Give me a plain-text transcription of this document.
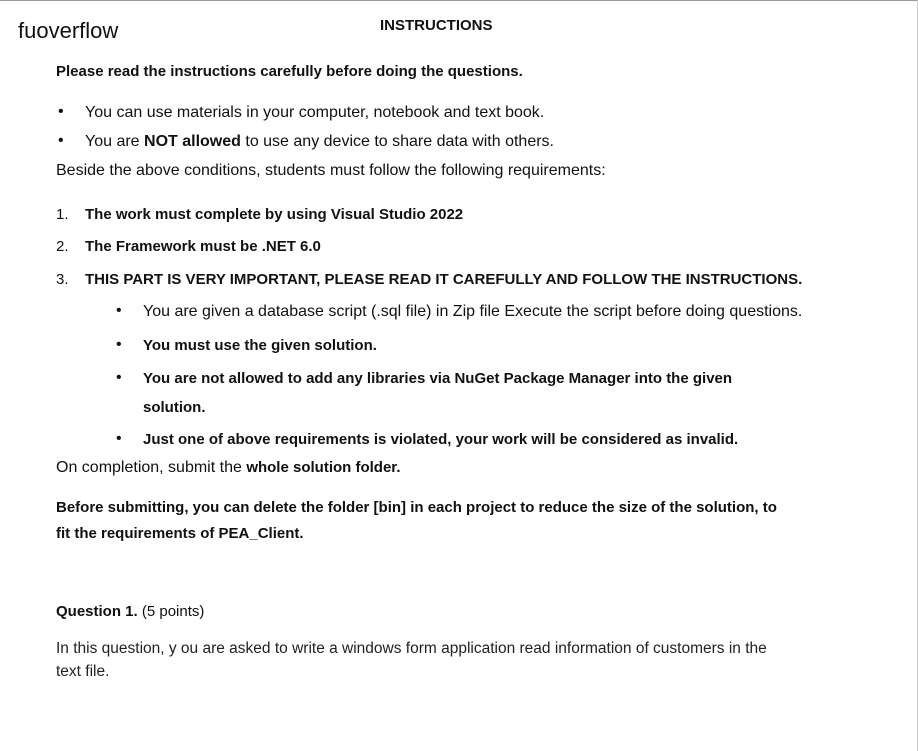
fuoverflow	INSTRUCTIONS
Please read the instructions carefully before doing the questions.
• You can use materials in your computer, notebook and text book.
• You are NOT allowed to use any device to share data with others.
Beside the above conditions, students must follow the following requirements:
1. The work must complete by using Visual Studio 2022
2. The Framework must be .NET 6.0
3. THIS PART IS VERY IMPORTANT, PLEASE READ IT CAREFULLY AND FOLLOW THE INSTRUCTIONS.
• You are given a database script (.sql file) in Zip file Execute the script before doing questions.
• You must use the given solution.
• You are not allowed to add any libraries via NuGet Package Manager into the given
solution.
• Just one of above requirements is violated, your work will be considered as invalid.
On completion, submit the whole solution folder.
Before submitting, you can delete the folder [bin] in each project to reduce the size of the solution, to
fit the requirements of PEA_Client.
Question 1. (5 points)
In this question, y ou are asked to write a windows form application read information of customers in the
text file.
